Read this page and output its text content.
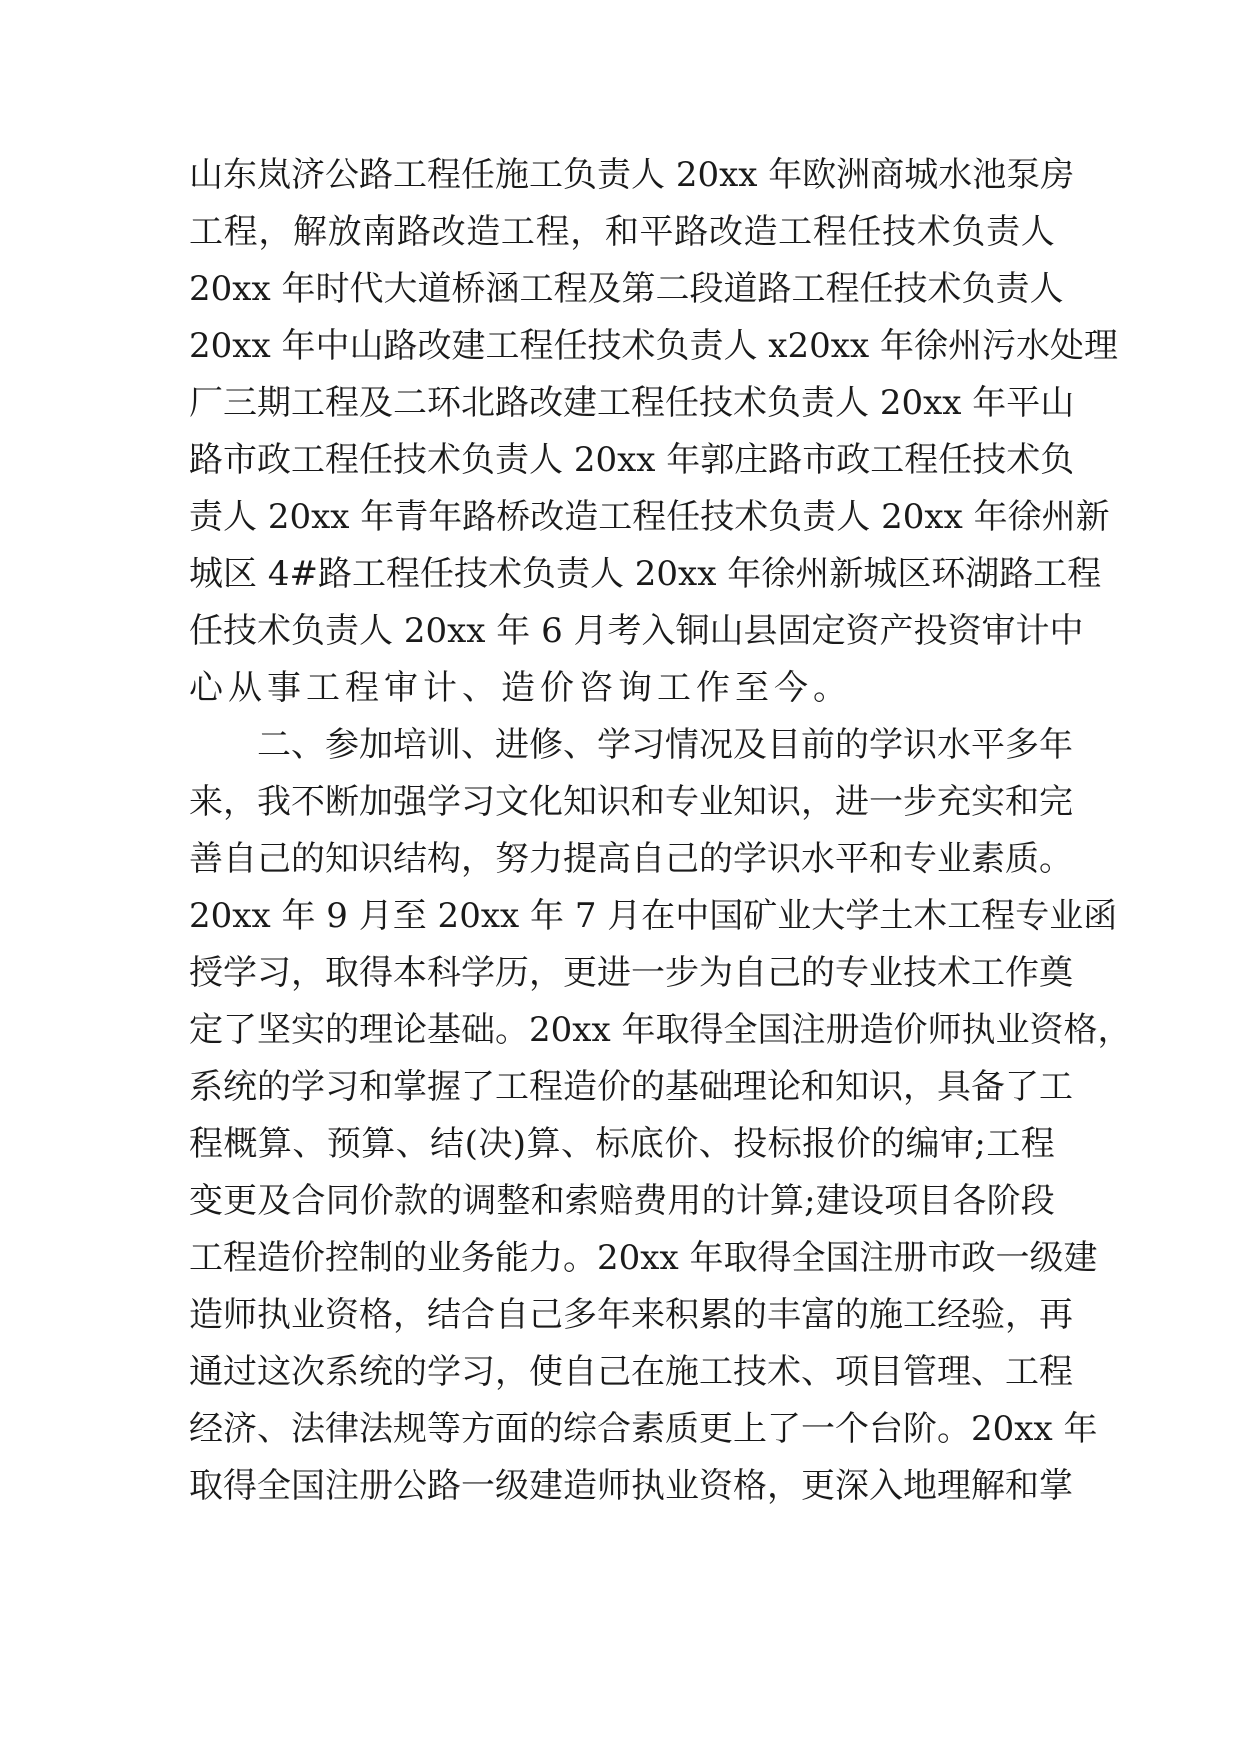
山 东 岚 济 公 路 工 程 任 施 工 负 责 人
2 0 x x
年 欧 洲 商 城 水 池 泵 房
工 程 ， 解 放 南 路 改 造 工 程 ， 和 平 路 改 造 工 程 任 技 术 负 责 人
2 0 x x
年 时 代 大 道 桥 涵 工 程 及 第 二 段 道 路 工 程 任 技 术 负 责 人
2 0 x x
年 中 山 路 改 建 工 程 任 技 术 负 责 人
x 2 0 x x
年 徐 州 污 水 处 理
厂 三 期 工 程 及 二 环 北 路 改 建 工 程 任 技 术 负 责 人
2 0 x x
年 平 山
路 市 政 工 程 任 技 术 负 责 人
2 0 x x
年 郭 庄 路 市 政 工 程 任 技 术 负
责 人
2 0 x x
年 青 年 路 桥 改 造 工 程 任 技 术 负 责 人
2 0 x x
年 徐 州 新
城 区
4 # 路 工 程 任 技 术 负 责 人
2 0 x x
年 徐 州 新 城 区 环 湖 路 工 程
任 技 术 负 责 人
2 0 x x
年
6
月 考 入 铜 山 县 固 定 资 产 投 资 审 计 中
心从事工程审计、造价咨询工作至今。
二 、 参 加 培 训 、 进 修 、 学 习 情 况 及 目 前 的 学 识 水 平 多 年
来 ， 我 不 断 加 强 学 习 文 化 知 识 和 专 业 知 识 ， 进 一 步 充 实 和 完
善 自 己 的 知 识 结 构 ， 努 力 提 高 自 己 的 学 识 水 平 和 专 业 素 质 。
2 0 x x
年
9
月 至
2 0 x x
年
7
月 在 中 国 矿 业 大 学 土 木 工 程 专 业 函
授 学 习 ， 取 得 本 科 学 历 ， 更 进 一 步 为 自 己 的 专 业 技 术 工 作 奠
定 了 坚 实 的 理 论 基 础 。 2 0 x x
年 取 得 全 国 注 册 造 价 师 执 业 资 格 ，
系 统 的 学 习 和 掌 握 了 工 程 造 价 的 基 础 理 论 和 知 识 ， 具 备 了 工
程 概 算 、 预 算 、 结 ( 决 ) 算 、 标 底 价 、 投 标 报 价 的 编 审 ; 工 程
变 更 及 合 同 价 款 的 调 整 和 索 赔 费 用 的 计 算 ; 建 设 项 目 各 阶 段
工 程 造 价 控 制 的 业 务 能 力 。 2 0 x x
年 取 得 全 国 注 册 市 政 一 级 建
造 师 执 业 资 格 ， 结 合 自 己 多 年 来 积 累 的 丰 富 的 施 工 经 验 ， 再
通 过 这 次 系 统 的 学 习 ， 使 自 己 在 施 工 技 术 、 项 目 管 理 、 工 程
经 济 、 法 律 法 规 等 方 面 的 综 合 素 质 更 上 了 一 个 台 阶 。 2 0 x x
年
取 得 全 国 注 册 公 路 一 级 建 造 师 执 业 资 格 ， 更 深 入 地 理 解 和 掌
